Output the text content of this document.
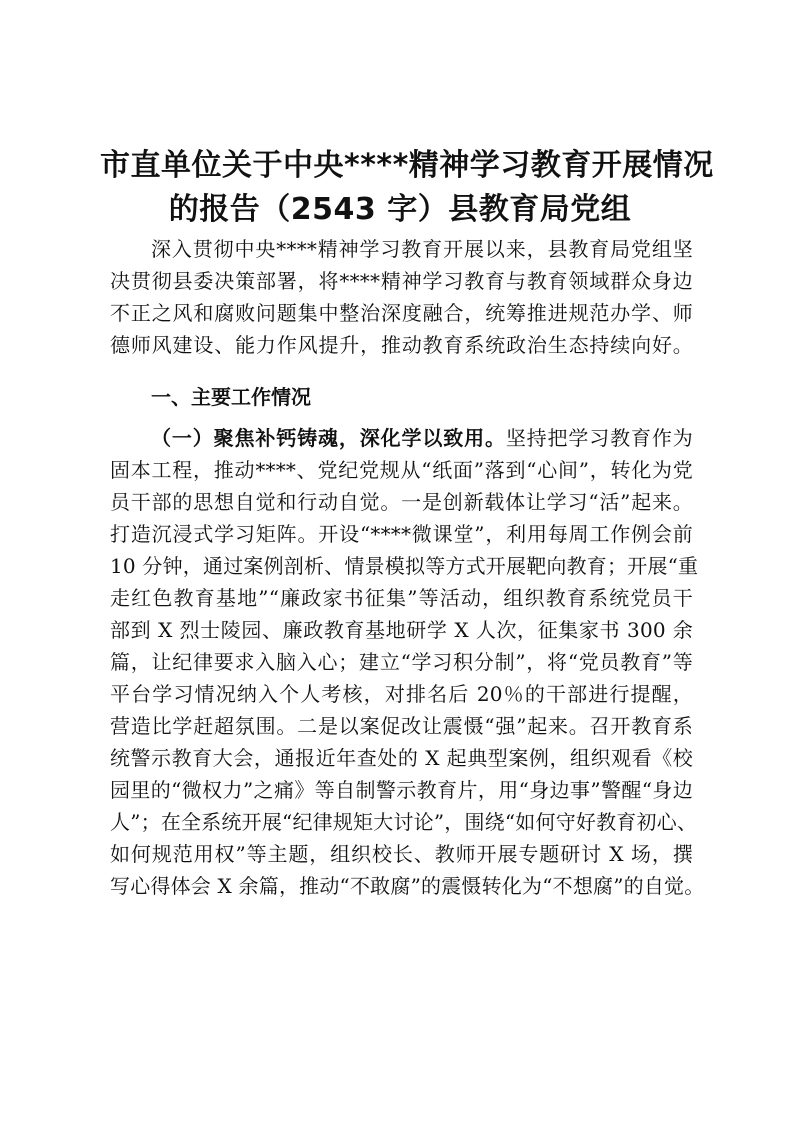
市直单位关于中央****精神学习教育开展情况
的报告（2543 字）县教育局党组
深入贯彻中央****精神学习教育开展以来，县教育局党组坚
决贯彻县委决策部署，将****精神学习教育与教育领域群众身边
不正之风和腐败问题集中整治深度融合，统筹推进规范办学、师
德师风建设、能力作风提升，推动教育系统政治生态持续向好。
一、主要工作情况
（一）聚焦补钙铸魂，深化学以致用。坚持把学习教育作为
固本工程，推动****、党纪党规从“纸面”落到“心间”，转化为党
员干部的思想自觉和行动自觉。一是创新载体让学习“活”起来。
打造沉浸式学习矩阵。开设“****微课堂”，利用每周工作例会前
10 分钟，通过案例剖析、情景模拟等方式开展靶向教育；开展“重
走红色教育基地”“廉政家书征集”等活动，组织教育系统党员干
部到 X 烈士陵园、廉政教育基地研学 X 人次，征集家书 300 余
篇，让纪律要求入脑入心；建立“学习积分制”，将“党员教育”等
平台学习情况纳入个人考核，对排名后 20％的干部进行提醒，
营造比学赶超氛围。二是以案促改让震慑“强”起来。召开教育系
统警示教育大会，通报近年查处的 X 起典型案例，组织观看《校
园里的“微权力”之痛》等自制警示教育片，用“身边事”警醒“身边
人”；在全系统开展“纪律规矩大讨论”，围绕“如何守好教育初心、
如何规范用权”等主题，组织校长、教师开展专题研讨 X 场，撰
写心得体会 X 余篇，推动“不敢腐”的震慑转化为“不想腐”的自觉。
